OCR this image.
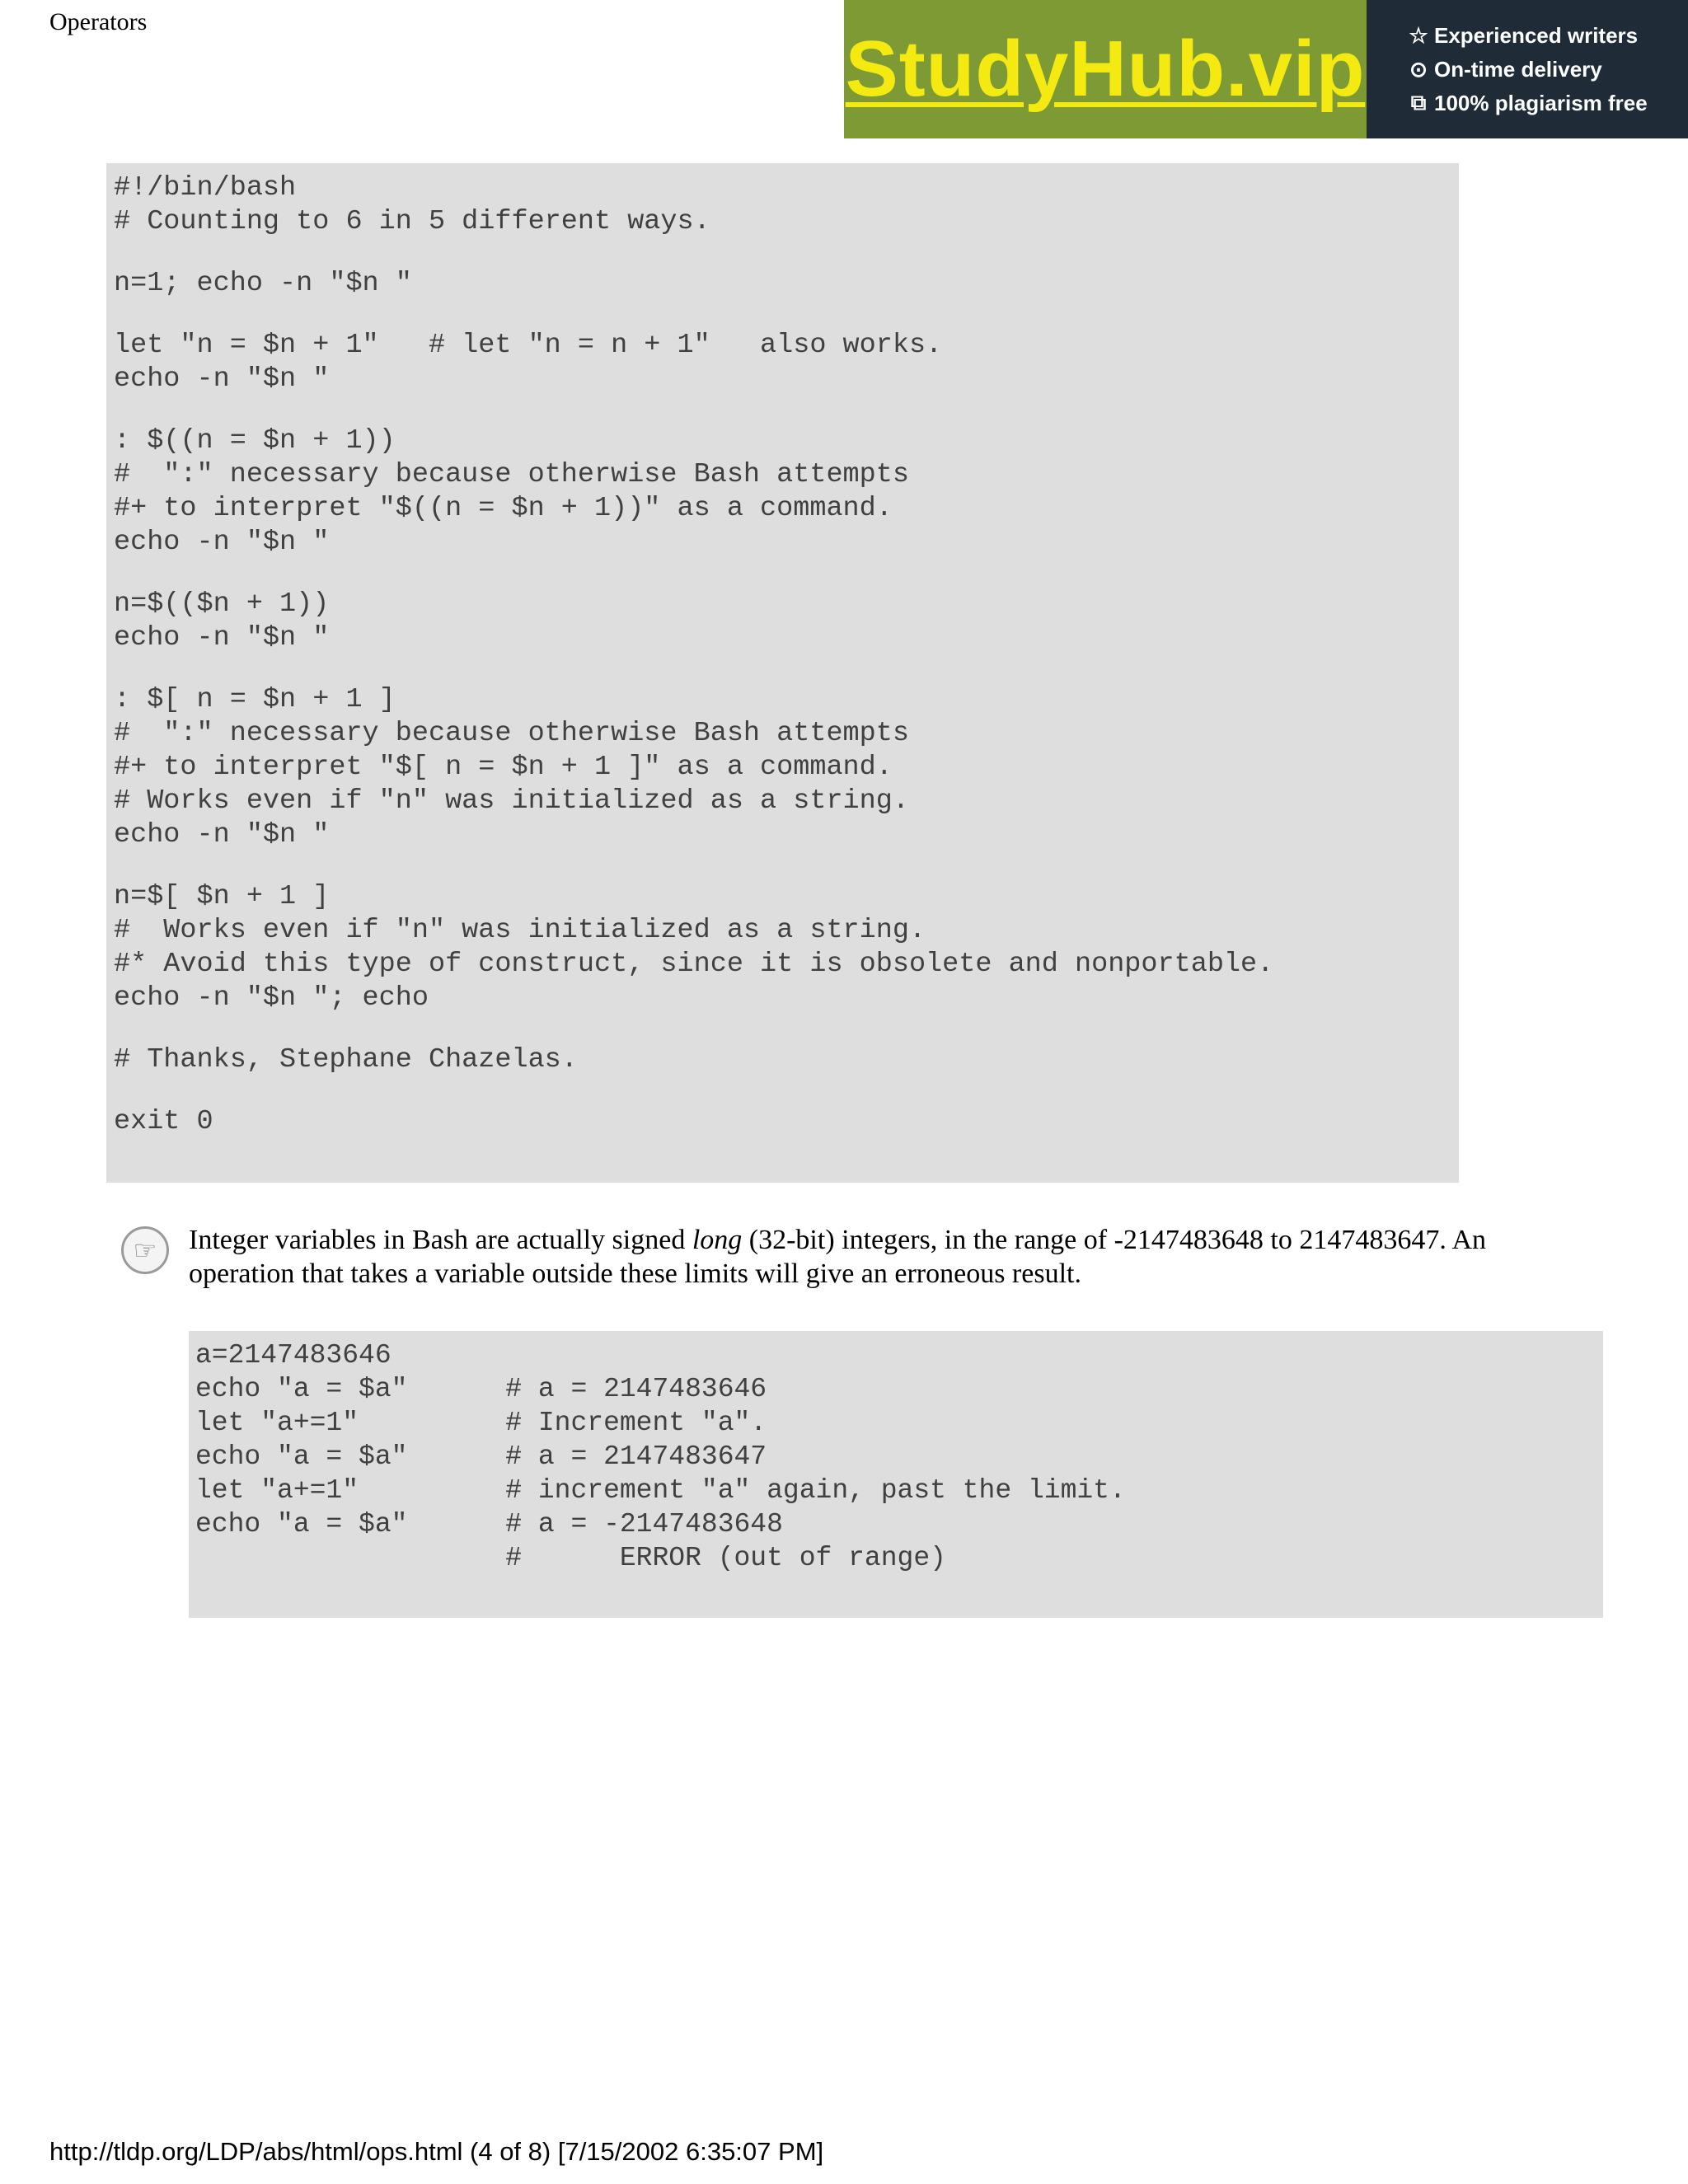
Operators
StudyHub.vip ☆ Experienced writers
⊙ On-time delivery
⧉ 100% plagiarism free
#!/bin/bash
# Counting to 6 in 5 different ways.
n=1; echo -n "$n "
let "n = $n + 1"   # let "n = n + 1"   also works.
echo -n "$n "
: $((n = $n + 1))
#  ":" necessary because otherwise Bash attempts
#+ to interpret "$((n = $n + 1))" as a command.
echo -n "$n "
n=$(($n + 1))
echo -n "$n "
: $[ n = $n + 1 ]
#  ":" necessary because otherwise Bash attempts
#+ to interpret "$[ n = $n + 1 ]" as a command.
# Works even if "n" was initialized as a string.
echo -n "$n "
n=$[ $n + 1 ]
#  Works even if "n" was initialized as a string.
#* Avoid this type of construct, since it is obsolete and nonportable.
echo -n "$n "; echo
# Thanks, Stephane Chazelas.
exit 0
☞	Integer variables in Bash are actually signed long (32-bit) integers, in the range of -2147483648 to 2147483647. An operation that takes a variable outside these limits will give an erroneous result.
a=2147483646
echo "a = $a"      # a = 2147483646
let "a+=1"         # Increment "a".
echo "a = $a"      # a = 2147483647
let "a+=1"         # increment "a" again, past the limit.
echo "a = $a"      # a = -2147483648
#      ERROR (out of range)
http://tldp.org/LDP/abs/html/ops.html (4 of 8) [7/15/2002 6:35:07 PM]
